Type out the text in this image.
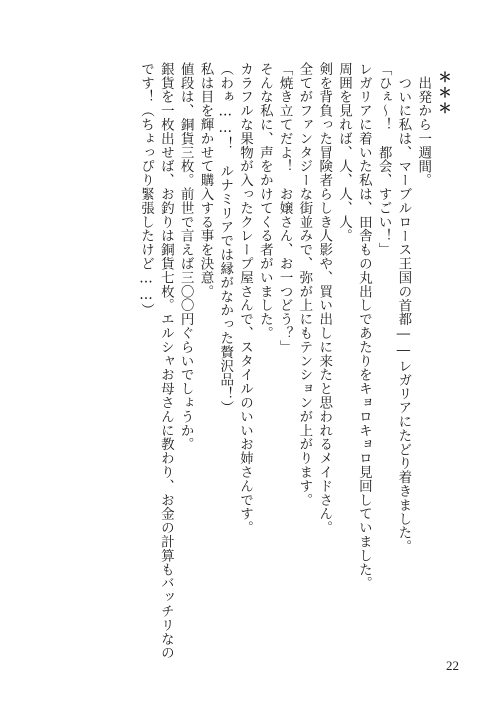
＊＊＊
出発から一週間。
ついに私は、マーブルロース王国の首都――レガリアにたどり着きました。
「ひぇ〜！　都会、すごい！」
レガリアに着いた私は、田舎もの丸出しであたりをキョロキョロ見回していました。
周囲を見れば、人、人、人。
剣を背負った冒険者らしき人影や、買い出しに来たと思われるメイドさん。
全てがファンタジーな街並みで、弥が上にもテンションが上がります。
「焼き立てだよ！　お嬢さん、お一つどう？」
そんな私に、声をかけてくる者がいました。
カラフルな果物が入ったクレープ屋さんで、スタイルのいいお姉さんです。
（わぁ……！　ルナミリアでは縁がなかった贅沢品！）
私は目を輝かせて購入する事を決意。
値段は、銅貨三枚。前世で言えば三〇〇円ぐらいでしょうか。
銀貨を一枚出せば、お釣りは銅貨七枚。エルシャお母さんに教わり、お金の計算もバッチリなの
です！（ちょっぴり緊張したけど……）
22
